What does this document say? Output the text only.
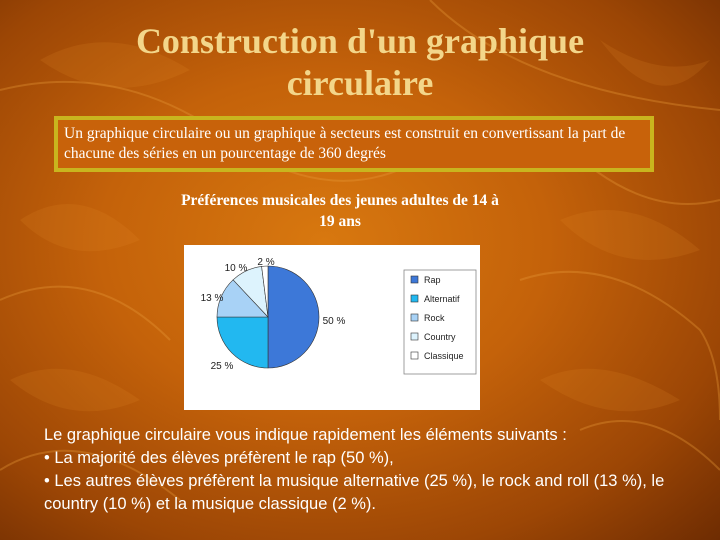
Construction d'un graphique circulaire
Un graphique circulaire ou un graphique à secteurs est construit en convertissant la part de chacune des séries en un pourcentage de 360 degrés
Préférences musicales des jeunes adultes de 14 à 19 ans
50 %
25 %
13 %
10 %
2 %
Rap
Alternatif
Rock
Country
Classique

Le graphique circulaire vous indique rapidement les éléments suivants :

• La majorité des élèves préfèrent le rap (50 %),

• Les autres élèves préfèrent la musique alternative (25 %), le rock and roll (13 %), le country (10 %) et la musique classique (2 %).
